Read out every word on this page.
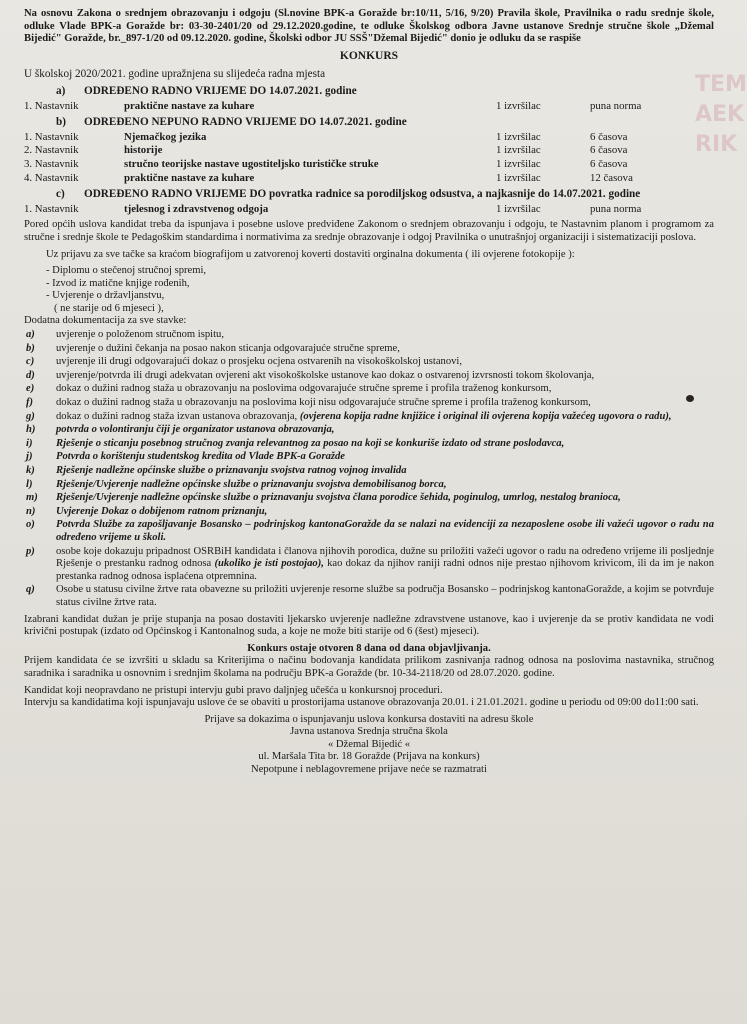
TEM
AEK
RIK
Na osnovu Zakona o srednjem obrazovanju i odgoju (Sl.novine BPK-a Goražde br:10/11, 5/16, 9/20) Pravila škole, Pravilnika o radu srednje škole, odluke Vlade BPK-a Goražde br: 03-30-2401/20 od 29.12.2020.godine, te odluke Školskog odbora Javne ustanove Srednje stručne škole „Džemal Bijedić" Goražde, br._897-1/20 od 09.12.2020. godine, Školski odbor JU SSŠ"Džemal Bijedić" donio je odluku da se raspiše
KONKURS
U školskoj 2020/2021. godine upražnjena su slijedeća radna mjesta
a) ODREĐENO RADNO VRIJEME DO 14.07.2021. godine
1. Nastavnik	praktične nastave za kuhare	1 izvršilac	puna norma
b) ODREĐENO NEPUNO RADNO VRIJEME DO 14.07.2021. godine
1. Nastavnik	Njemačkog jezika	1 izvršilac	6 časova
2. Nastavnik	historije	1 izvršilac	6 časova
3. Nastavnik	stručno teorijske nastave ugostiteljsko turističke struke	1 izvršilac	6 časova
4. Nastavnik	praktične nastave za kuhare	1 izvršilac	12 časova
c) ODREĐENO RADNO VRIJEME DO povratka radnice sa porodiljskog odsustva, a najkasnije do 14.07.2021. godine
1. Nastavnik	tjelesnog i zdravstvenog odgoja	1 izvršilac	puna norma
Pored općih uslova kandidat treba da ispunjava i posebne uslove predviđene Zakonom o srednjem obrazovanju i odgoju, te Nastavnim planom i programom za stručne i srednje škole te Pedagoškim standardima i normativima za srednje obrazovanje i odgoj Pravilnika o unutrašnjoj organizaciji i sistematizaciji poslova.
Uz prijavu za sve tačke sa kraćom biografijom u zatvorenoj koverti dostaviti orginalna dokumenta ( ili ovjerene fotokopije ):
- Diplomu o stečenoj stručnoj spremi,
- Izvod iz matične knjige rođenih,
- Uvjerenje o državljanstvu,
( ne starije od 6 mjeseci ),
Dodatna dokumentacija za sve stavke:
a)	uvjerenje o položenom stručnom ispitu,
b)	uvjerenje o dužini čekanja na posao nakon sticanja odgovarajuće stručne spreme,
c)	uvjerenje ili drugi odgovarajući dokaz o prosjeku ocjena ostvarenih na visokoškolskoj ustanovi,
d)	uvjerenje/potvrda ili drugi adekvatan ovjereni akt visokoškolske ustanove kao dokaz o ostvarenoj izvrsnosti tokom školovanja,
e)	dokaz o dužini radnog staža u obrazovanju na poslovima odgovarajuće stručne spreme i profila traženog konkursom,
f)	dokaz o dužini radnog staža u obrazovanju na poslovima koji nisu odgovarajuće stručne spreme i profila traženog konkursom,
g)	dokaz o dužini radnog staža izvan ustanova obrazovanja, (ovjerena kopija radne knjižice i original ili ovjerena kopija važećeg ugovora o radu),
h)	potvrda o volontiranju čiji je organizator ustanova obrazovanja,
i)	Rješenje o sticanju posebnog stručnog zvanja relevantnog za posao na koji se konkuriše izdato od strane poslodavca,
j)	Potvrda o korištenju studentskog kredita od Vlade BPK-a Goražde
k)	Rješenje nadležne općinske službe o priznavanju svojstva ratnog vojnog invalida
l)	Rješenje/Uvjerenje nadležne općinske službe o priznavanju svojstva demobilisanog borca,
m)	Rješenje/Uvjerenje nadležne općinske službe o priznavanju svojstva člana porodice šehida, poginulog, umrlog, nestalog branioca,
n)	Uvjerenje Dokaz o dobijenom ratnom priznanju,
o)	Potvrda Službe za zapošljavanje Bosansko – podrinjskog kantonaGoražde da se nalazi na evidenciji za nezaposlene osobe ili važeći ugovor o radu na određeno vrijeme u školi.
p)	osobe koje dokazuju pripadnost OSRBiH kandidata i članova njihovih porodica, dužne su priložiti važeći ugovor o radu na određeno vrijeme ili posljednje Rješenje o prestanku radnog odnosa (ukoliko je isti postojao), kao dokaz da njihov raniji radni odnos nije prestao njihovom krivicom, ili da im je nakon prestanka radnog odnosa isplaćena otpremnina.
q)	Osobe u statusu civilne žrtve rata obavezne su priložiti uvjerenje resorne službe sa područja Bosansko – podrinjskog kantonaGoražde, a kojim se potvrđuje status civilne žrtve rata.
Izabrani kandidat dužan je prije stupanja na posao dostaviti ljekarsko uvjerenje nadležne zdravstvene ustanove, kao i uvjerenje da se protiv kandidata ne vodi krivični postupak (izdato od Općinskog i Kantonalnog suda, a koje ne može biti starije od 6 (šest) mjeseci).
Konkurs ostaje otvoren 8 dana od dana objavljivanja.
Prijem kandidata će se izvršiti u skladu sa Kriterijima o načinu bodovanja kandidata prilikom zasnivanja radnog odnosa na poslovima nastavnika, stručnog saradnika i saradnika u osnovnim i srednjim školama na području BPK-a Goražde (br. 10-34-2118/20 od 28.07.2020. godine.
Kandidat koji neopravdano ne pristupi intervju gubi pravo daljnjeg učešća u konkursnoj proceduri.
Intervju sa kandidatima koji ispunjavaju uslove će se obaviti u prostorijama ustanove obrazovanja 20.01. i 21.01.2021. godine u periodu od 09:00 do11:00 sati.
Prijave sa dokazima o ispunjavanju uslova konkursa dostaviti na adresu škole
Javna ustanova Srednja stručna škola
« Džemal Bijedić «
ul. Maršala Tita br. 18 Goražde (Prijava na konkurs)
Nepotpune i neblagovremene prijave neće se razmatrati
